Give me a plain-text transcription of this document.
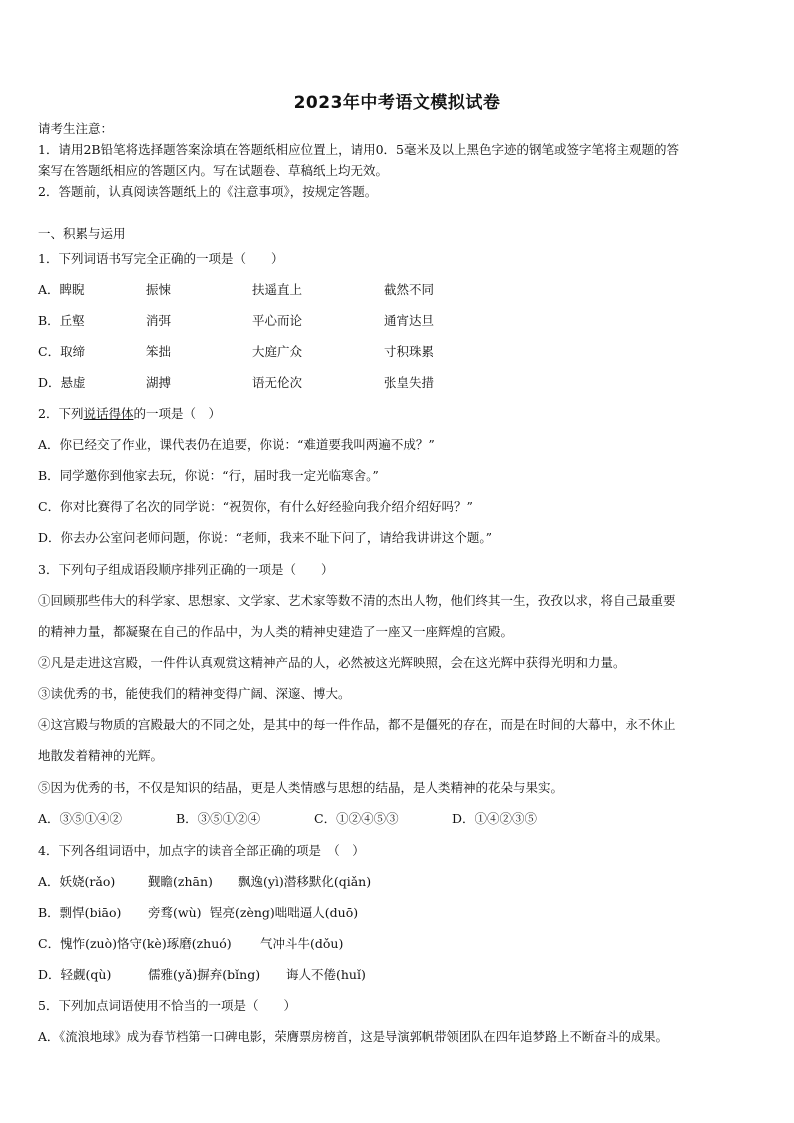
2023年中考语文模拟试卷
请考生注意：
1．请用2B铅笔将选择题答案涂填在答题纸相应位置上，请用0．5毫米及以上黑色字迹的钢笔或签字笔将主观题的答
案写在答题纸相应的答题区内。写在试题卷、草稿纸上均无效。
2．答题前，认真阅读答题纸上的《注意事项》，按规定答题。
一、积累与运用
1．下列词语书写完全正确的一项是（　　）
A．睥睨	振悚	扶遥直上	截然不同
B．丘壑	消弭	平心而论	通宵达旦
C．取缔	笨拙	大庭广众	寸积珠累
D．悬虚	湖搏	语无伦次	张皇失措
2．下列说话得体的一项是（　）
A．你已经交了作业，课代表仍在追要，你说：“难道要我叫两遍不成？”
B．同学邀你到他家去玩，你说：“行，届时我一定光临寒舍。”
C．你对比赛得了名次的同学说：“祝贺你，有什么好经验向我介绍介绍好吗？”
D．你去办公室问老师问题，你说：“老师，我来不耻下问了，请给我讲讲这个题。”
3．下列句子组成语段顺序排列正确的一项是（　　）
①回顾那些伟大的科学家、思想家、文学家、艺术家等数不清的杰出人物，他们终其一生，孜孜以求，将自己最重要
的精神力量，都凝聚在自己的作品中，为人类的精神史建造了一座又一座辉煌的宫殿。
②凡是走进这宫殿，一件件认真观赏这精神产品的人，必然被这光辉映照，会在这光辉中获得光明和力量。
③读优秀的书，能使我们的精神变得广阔、深邃、博大。
④这宫殿与物质的宫殿最大的不同之处，是其中的每一件作品，都不是僵死的存在，而是在时间的大幕中，永不休止
地散发着精神的光辉。
⑤因为优秀的书，不仅是知识的结晶，更是人类情感与思想的结晶，是人类精神的花朵与果实。
A．③⑤①④②	B．③⑤①②④	C．①②④⑤③	D．①④②③⑤
4．下列各组词语中，加点字的读音全部正确的项是　（　）
A．妖娆(rǎo)	觐瞻(zhān) 飘逸(yì)潜移默化(qiǎn)
B．剽悍(biāo) 旁骛(wù) 锃亮(zèng)咄咄逼人(duō)
C．愧怍(zuò)恪守(kè)琢磨(zhuó) 气冲斗牛(dǒu)
D．轻觑(qù)	儒雅(yǎ)摒弃(bǐng) 诲人不倦(huǐ)
5．下列加点词语使用不恰当的一项是（　　）
A．《流浪地球》成为春节档第一口碑电影，荣膺票房榜首，这是导演郭帆带领团队在四年追梦路上不断奋斗的成果。
